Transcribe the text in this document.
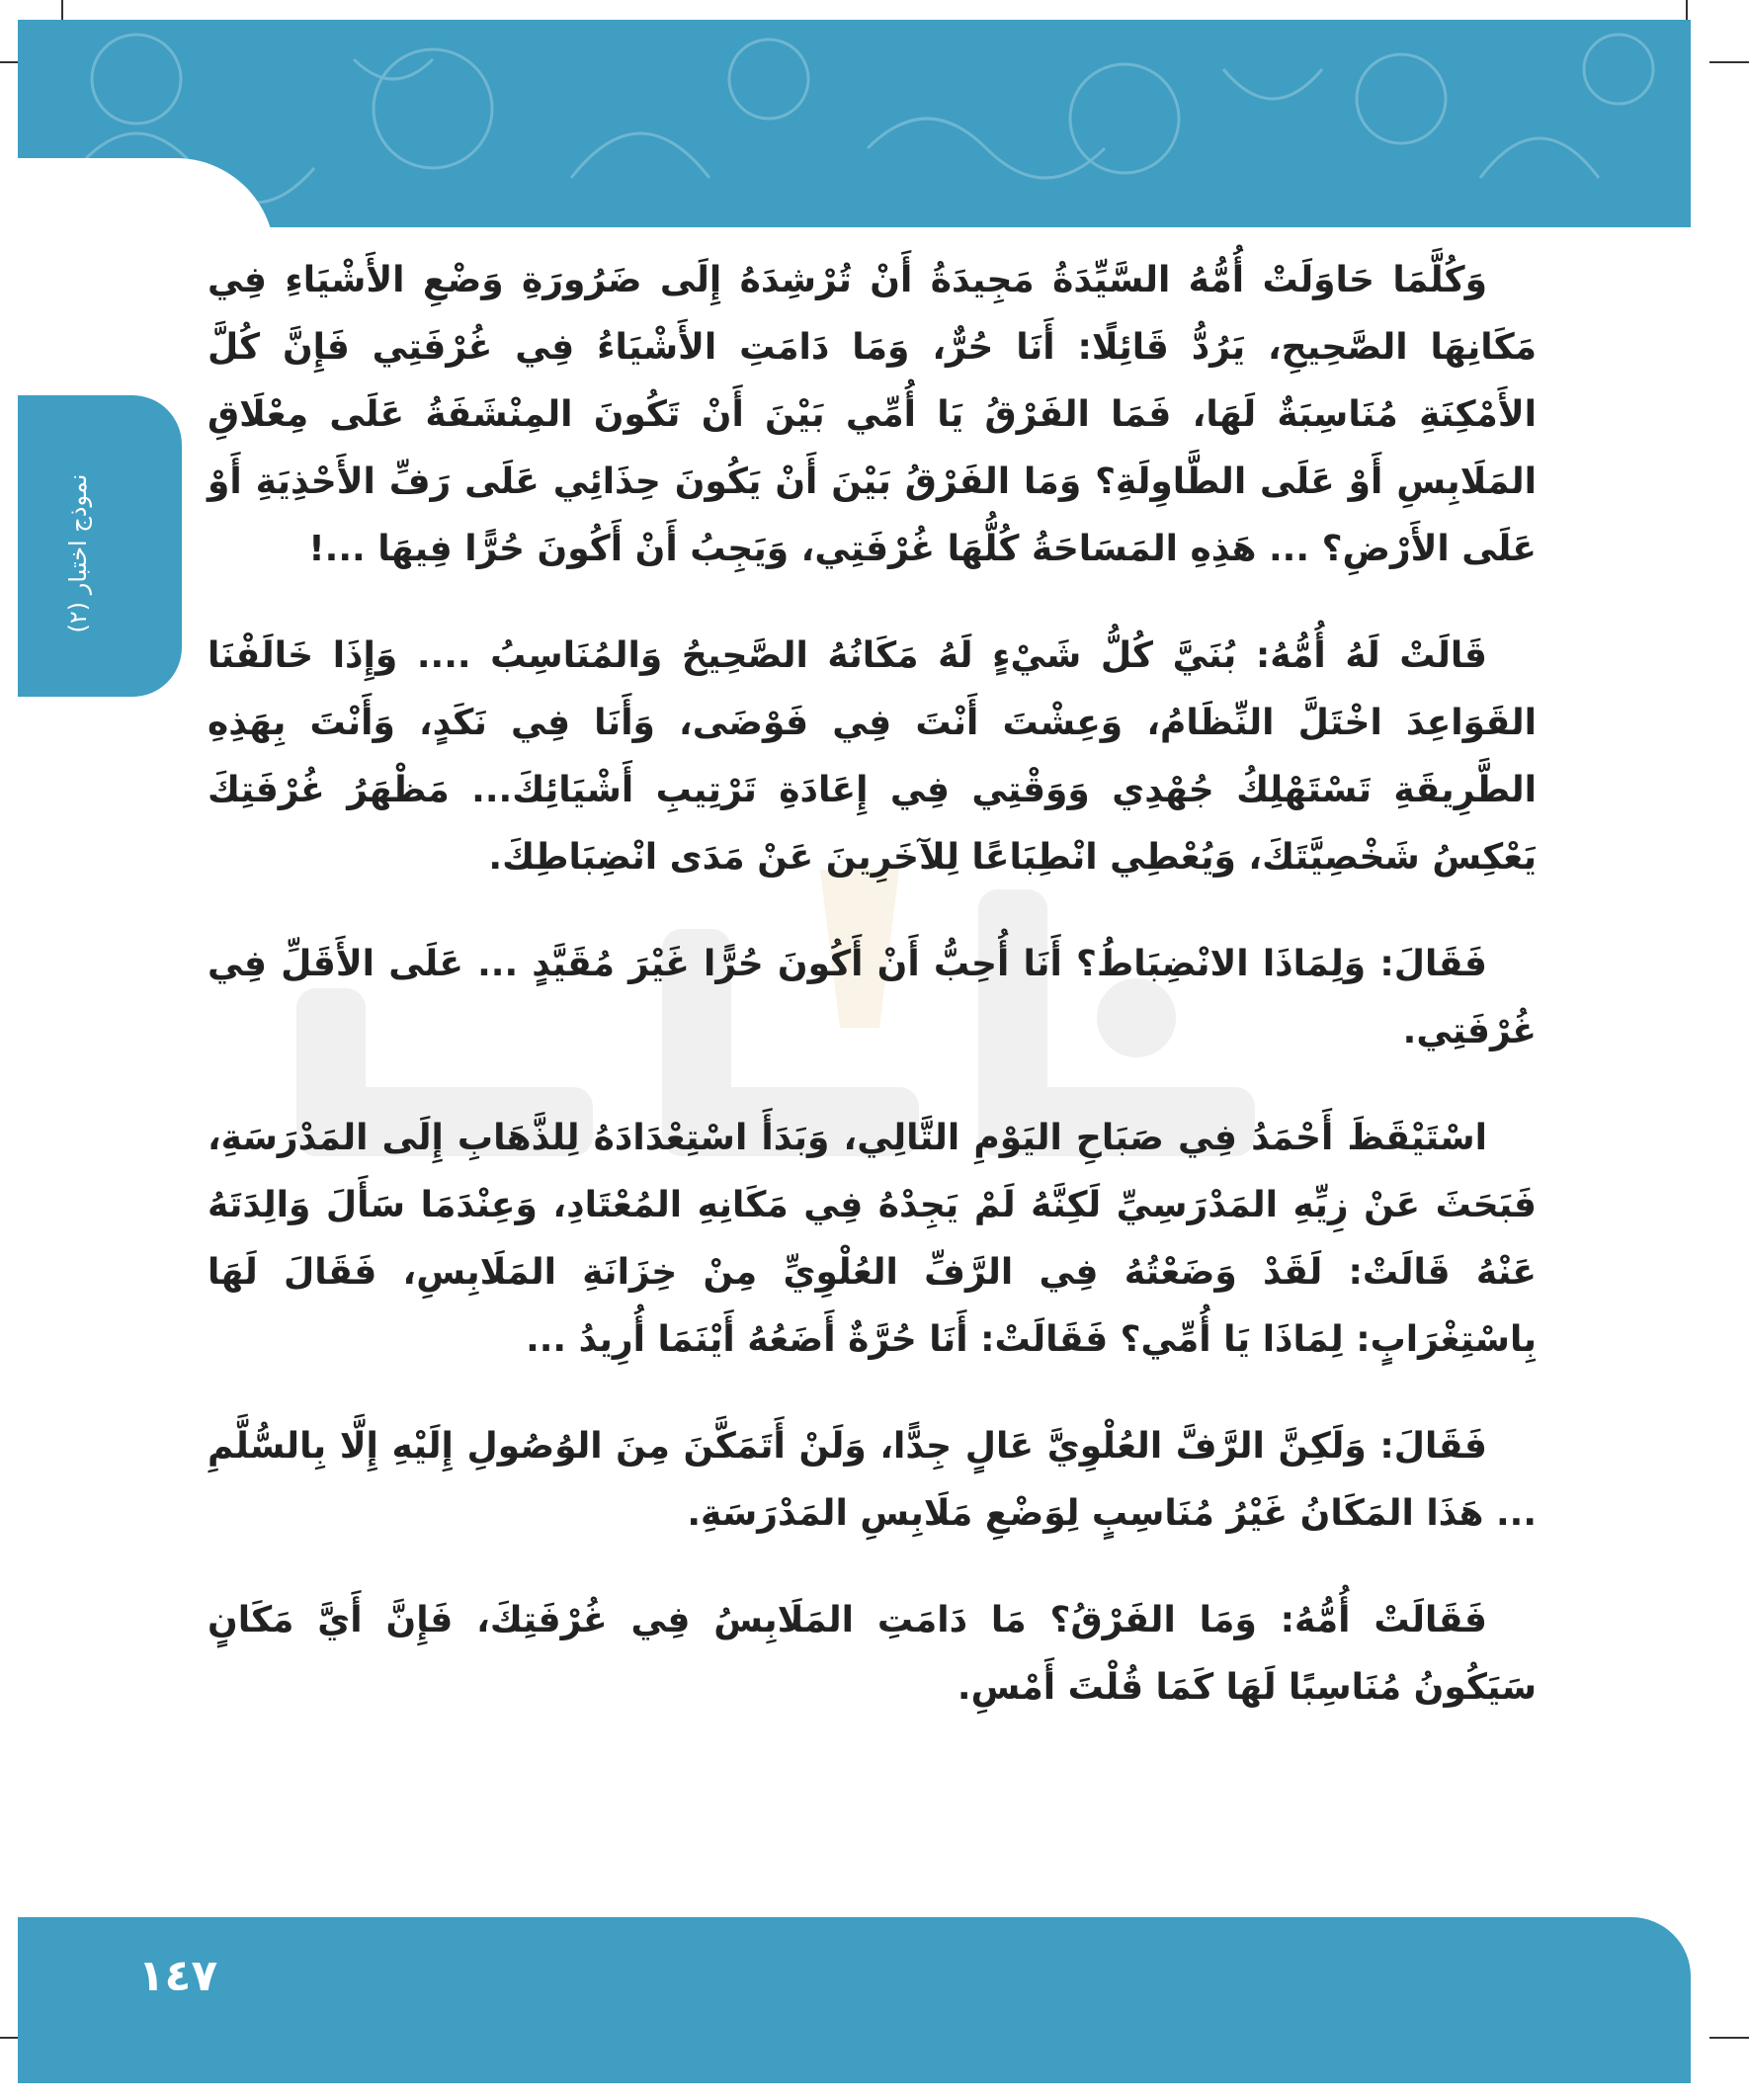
نموذج اختبار (٢)

وَكُلَّمَا حَاوَلَتْ أُمُّهُ السَّيِّدَةُ مَجِيدَةُ أَنْ تُرْشِدَهُ إِلَى ضَرُورَةِ وَضْعِ الأَشْيَاءِ فِي مَكَانِهَا الصَّحِيحِ، يَرُدُّ قَائِلًا: أَنَا حُرٌّ، وَمَا دَامَتِ الأَشْيَاءُ فِي غُرْفَتِي فَإِنَّ كُلَّ الأَمْكِنَةِ مُنَاسِبَةٌ لَهَا، فَمَا الفَرْقُ يَا أُمِّي بَيْنَ أَنْ تَكُونَ المِنْشَفَةُ عَلَى مِعْلَاقِ المَلَابِسِ أَوْ عَلَى الطَّاوِلَةِ؟ وَمَا الفَرْقُ بَيْنَ أَنْ يَكُونَ حِذَائِي عَلَى رَفِّ الأَحْذِيَةِ أَوْ عَلَى الأَرْضِ؟ ... هَذِهِ المَسَاحَةُ كُلُّهَا غُرْفَتِي، وَيَجِبُ أَنْ أَكُونَ حُرًّا فِيهَا ...!

قَالَتْ لَهُ أُمُّهُ: بُنَيَّ كُلُّ شَيْءٍ لَهُ مَكَانُهُ الصَّحِيحُ وَالمُنَاسِبُ .... وَإِذَا خَالَفْنَا القَوَاعِدَ اخْتَلَّ النِّظَامُ، وَعِشْتَ أَنْتَ فِي فَوْضَى، وَأَنَا فِي نَكَدٍ، وَأَنْتَ بِهَذِهِ الطَّرِيقَةِ تَسْتَهْلِكُ جُهْدِي وَوَقْتِي فِي إِعَادَةِ تَرْتِيبِ أَشْيَائِكَ... مَظْهَرُ غُرْفَتِكَ يَعْكِسُ شَخْصِيَّتَكَ، وَيُعْطِي انْطِبَاعًا لِلآخَرِينَ عَنْ مَدَى انْضِبَاطِكَ.

فَقَالَ: وَلِمَاذَا الانْضِبَاطُ؟ أَنَا أُحِبُّ أَنْ أَكُونَ حُرًّا غَيْرَ مُقَيَّدٍ ... عَلَى الأَقَلِّ فِي غُرْفَتِي.

اسْتَيْقَظَ أَحْمَدُ فِي صَبَاحِ اليَوْمِ التَّالِي، وَبَدَأَ اسْتِعْدَادَهُ لِلذَّهَابِ إِلَى المَدْرَسَةِ، فَبَحَثَ عَنْ زِيِّهِ المَدْرَسِيِّ لَكِنَّهُ لَمْ يَجِدْهُ فِي مَكَانِهِ المُعْتَادِ، وَعِنْدَمَا سَأَلَ وَالِدَتَهُ عَنْهُ قَالَتْ: لَقَدْ وَضَعْتُهُ فِي الرَّفِّ العُلْوِيِّ مِنْ خِزَانَةِ المَلَابِسِ، فَقَالَ لَهَا بِاسْتِغْرَابٍ: لِمَاذَا يَا أُمِّي؟ فَقَالَتْ: أَنَا حُرَّةٌ أَضَعُهُ أَيْنَمَا أُرِيدُ ...

فَقَالَ: وَلَكِنَّ الرَّفَّ العُلْوِيَّ عَالٍ جِدًّا، وَلَنْ أَتَمَكَّنَ مِنَ الوُصُولِ إِلَيْهِ إِلَّا بِالسُّلَّمِ ... هَذَا المَكَانُ غَيْرُ مُنَاسِبٍ لِوَضْعِ مَلَابِسِ المَدْرَسَةِ.

فَقَالَتْ أُمُّهُ: وَمَا الفَرْقُ؟ مَا دَامَتِ المَلَابِسُ فِي غُرْفَتِكَ، فَإِنَّ أَيَّ مَكَانٍ سَيَكُونُ مُنَاسِبًا لَهَا كَمَا قُلْتَ أَمْسِ.

١٤٧
